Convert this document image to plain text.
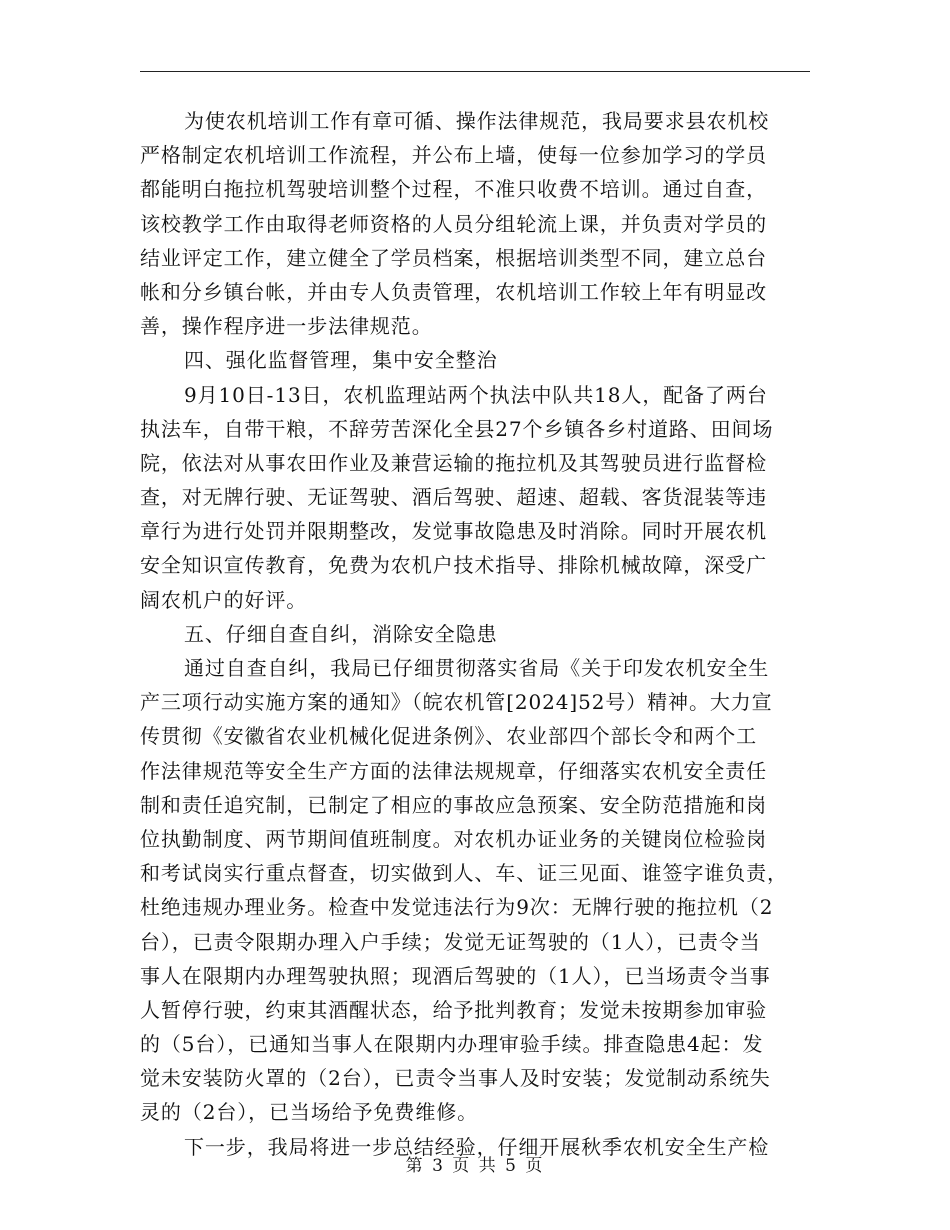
为使农机培训工作有章可循、操作法律规范，我局要求县农机校
严格制定农机培训工作流程，并公布上墙，使每一位参加学习的学员
都能明白拖拉机驾驶培训整个过程，不准只收费不培训。通过自查，
该校教学工作由取得老师资格的人员分组轮流上课，并负责对学员的
结业评定工作，建立健全了学员档案，根据培训类型不同，建立总台
帐和分乡镇台帐，并由专人负责管理，农机培训工作较上年有明显改
善，操作程序进一步法律规范。
四、强化监督管理，集中安全整治
9月10日-13日，农机监理站两个执法中队共18人，配备了两台
执法车，自带干粮，不辞劳苦深化全县27个乡镇各乡村道路、田间场
院，依法对从事农田作业及兼营运输的拖拉机及其驾驶员进行监督检
查，对无牌行驶、无证驾驶、酒后驾驶、超速、超载、客货混装等违
章行为进行处罚并限期整改，发觉事故隐患及时消除。同时开展农机
安全知识宣传教育，免费为农机户技术指导、排除机械故障，深受广
阔农机户的好评。
五、仔细自查自纠，消除安全隐患
通过自查自纠，我局已仔细贯彻落实省局《关于印发农机安全生
产三项行动实施方案的通知》（皖农机管[2024]52号）精神。大力宣
传贯彻《安徽省农业机械化促进条例》、农业部四个部长令和两个工
作法律规范等安全生产方面的法律法规规章，仔细落实农机安全责任
制和责任追究制，已制定了相应的事故应急预案、安全防范措施和岗
位执勤制度、两节期间值班制度。对农机办证业务的关键岗位检验岗
和考试岗实行重点督查，切实做到人、车、证三见面、谁签字谁负责，
杜绝违规办理业务。检查中发觉违法行为9次：无牌行驶的拖拉机（2
台），已责令限期办理入户手续；发觉无证驾驶的（1人），已责令当
事人在限期内办理驾驶执照；现酒后驾驶的（1人），已当场责令当事
人暂停行驶，约束其酒醒状态，给予批判教育；发觉未按期参加审验
的（5台），已通知当事人在限期内办理审验手续。排查隐患4起：发
觉未安装防火罩的（2台），已责令当事人及时安装；发觉制动系统失
灵的（2台），已当场给予免费维修。
下一步，我局将进一步总结经验，仔细开展秋季农机安全生产检
第 3 页 共 5 页
